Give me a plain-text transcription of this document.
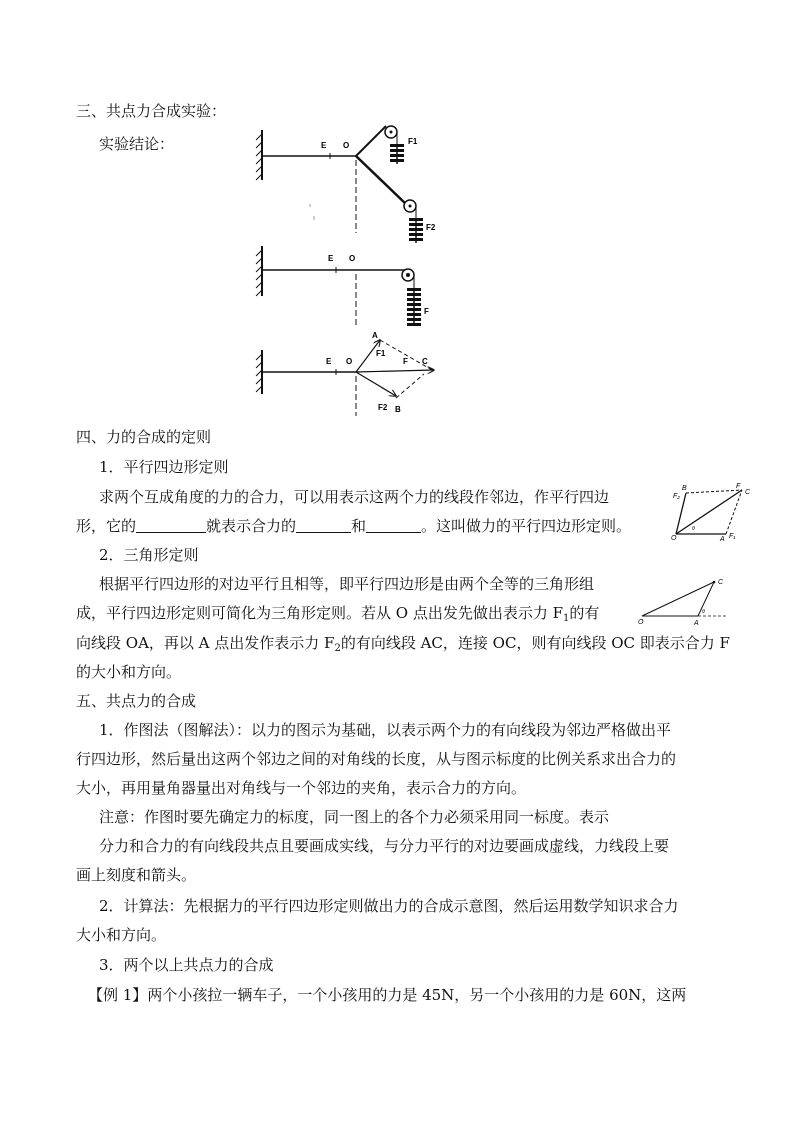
三、共点力合成实验：
实验结论：	E O	F1
F2
E O
F
E O
A
F1
F C
F2 B
四、力的合成的定则
1．平行四边形定则
求两个互成角度的力的合力，可以用表示这两个力的线段作邻边，作平行四边
形，它的	就表示合力的	和	。这叫做力的平行四边形定则。
O	A F₁
B
F₂
F
C
θ
2．三角形定则
根据平行四边形的对边平行且相等，即平行四边形是由两个全等的三角形组
成，平行四边形定则可简化为三角形定则。若从 O 点出发先做出表示力 $F_1$的有
向线段 OA，再以 A 点出发作表示力 $F_2$的有向线段 AC，连接 OC，则有向线段 OC 即表示合力 F
的大小和方向。
O	A
C
θ
五、共点力的合成
1．作图法（图解法）：以力的图示为基础，以表示两个力的有向线段为邻边严格做出平
行四边形，然后量出这两个邻边之间的对角线的长度，从与图示标度的比例关系求出合力的
大小，再用量角器量出对角线与一个邻边的夹角，表示合力的方向。
注意：作图时要先确定力的标度，同一图上的各个力必须采用同一标度。表示
分力和合力的有向线段共点且要画成实线，与分力平行的对边要画成虚线，力线段上要
画上刻度和箭头。
2．计算法：先根据力的平行四边形定则做出力的合成示意图，然后运用数学知识求合力
大小和方向。
3．两个以上共点力的合成
【例 1】两个小孩拉一辆车子，一个小孩用的力是 45N，另一个小孩用的力是 60N，这两
